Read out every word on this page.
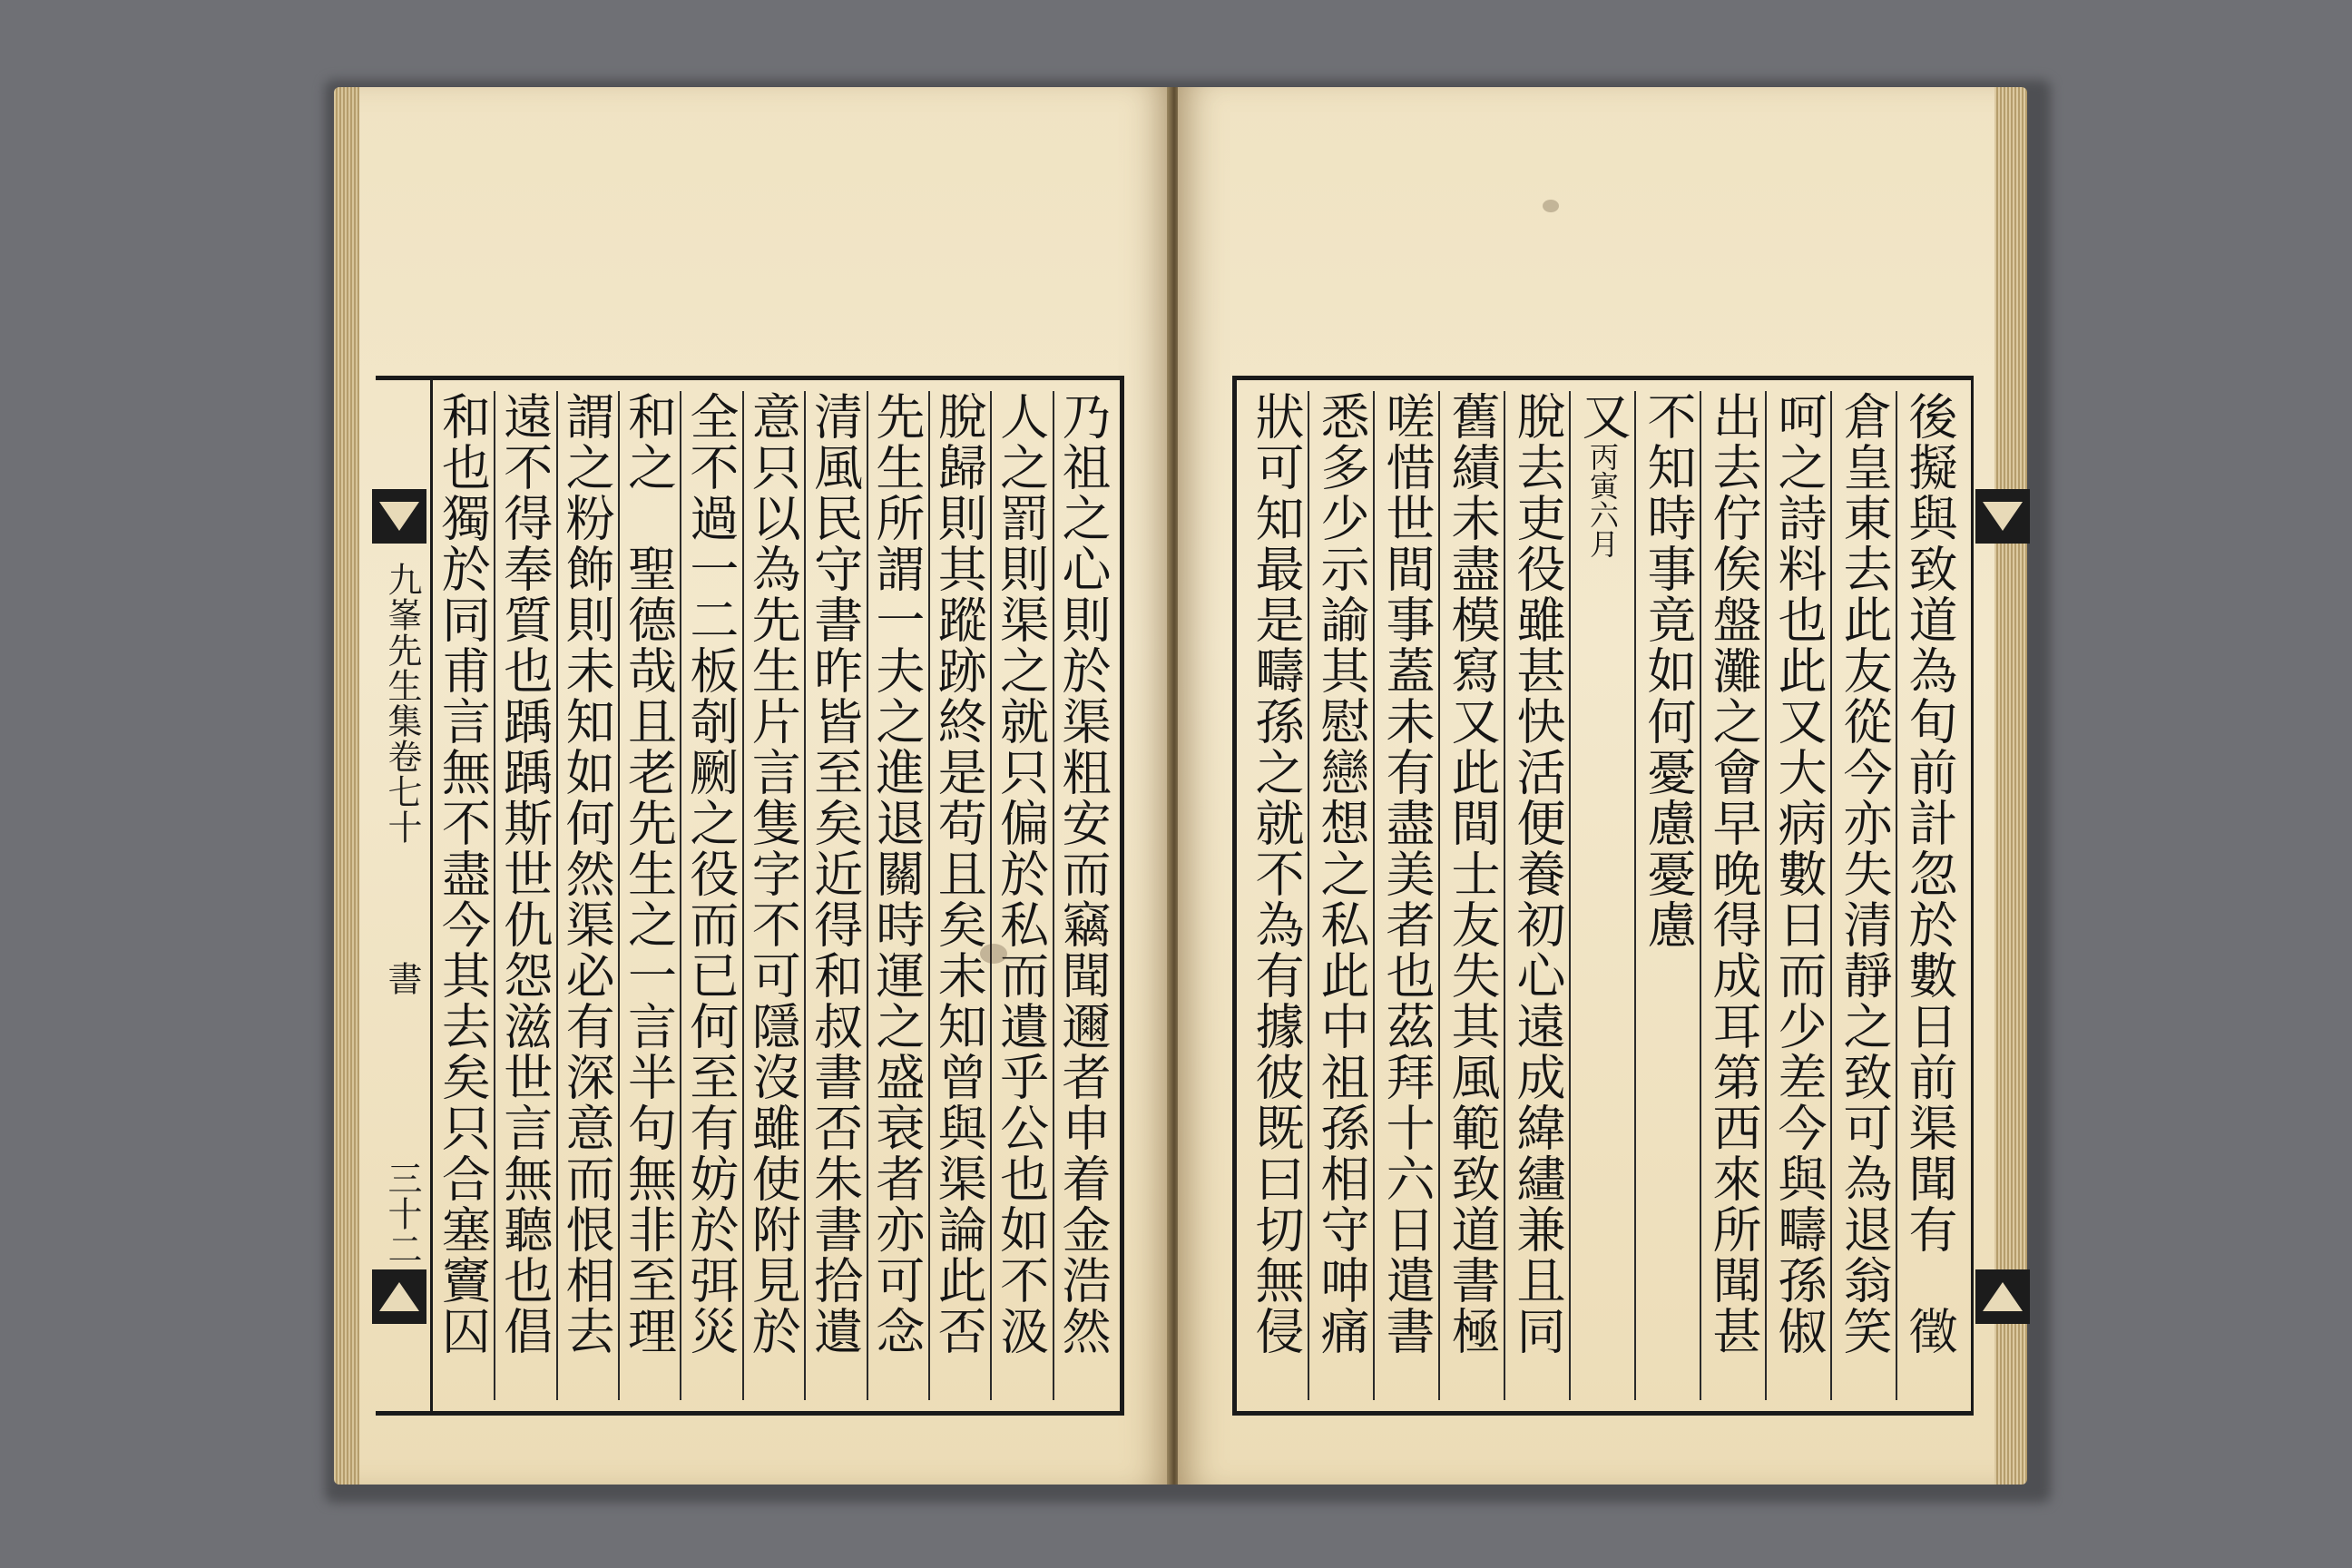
九峯先生集卷七十
書
三十二
乃祖之心則於渠粗安而竊聞邇者申着金浩然
人之罰則渠之就只偏於私而遺乎公也如不汲
脫歸則其蹤跡終是苟且矣未知曾與渠論此否
先生所謂一夫之進退關時運之盛衰者亦可念
清風民守書昨皆至矣近得和叔書否朱書拾遺
意只以為先生片言隻字不可隱沒雖使附見於
全不過一二板剞劂之役而已何至有妨於弭災
和之　聖德哉且老先生之一言半句無非至理
謂之粉飾則未知如何然渠必有深意而恨相去
遠不得奉質也踽踽斯世仇怨滋世言無聽也倡
和也獨於同甫言無不盡今其去矣只合塞竇囚
後擬與致道為旬前計忽於數日前渠聞有　徵
倉皇東去此友從今亦失清靜之致可為退翁笑
呵之詩料也此又大病數日而少差今與疇孫俶
出去佇俟盤灘之會早晚得成耳第西來所聞甚
不知時事竟如何憂慮憂慮
又丙寅六月
脫去吏役雖甚快活便養初心遠成緯繣兼且同
舊績未盡模寫又此間士友失其風範致道書極
嗟惜世間事蓋未有盡美者也茲拜十六日遣書
悉多少示諭其慰戀想之私此中祖孫相守呻痛
狀可知最是疇孫之就不為有據彼既曰切無侵
